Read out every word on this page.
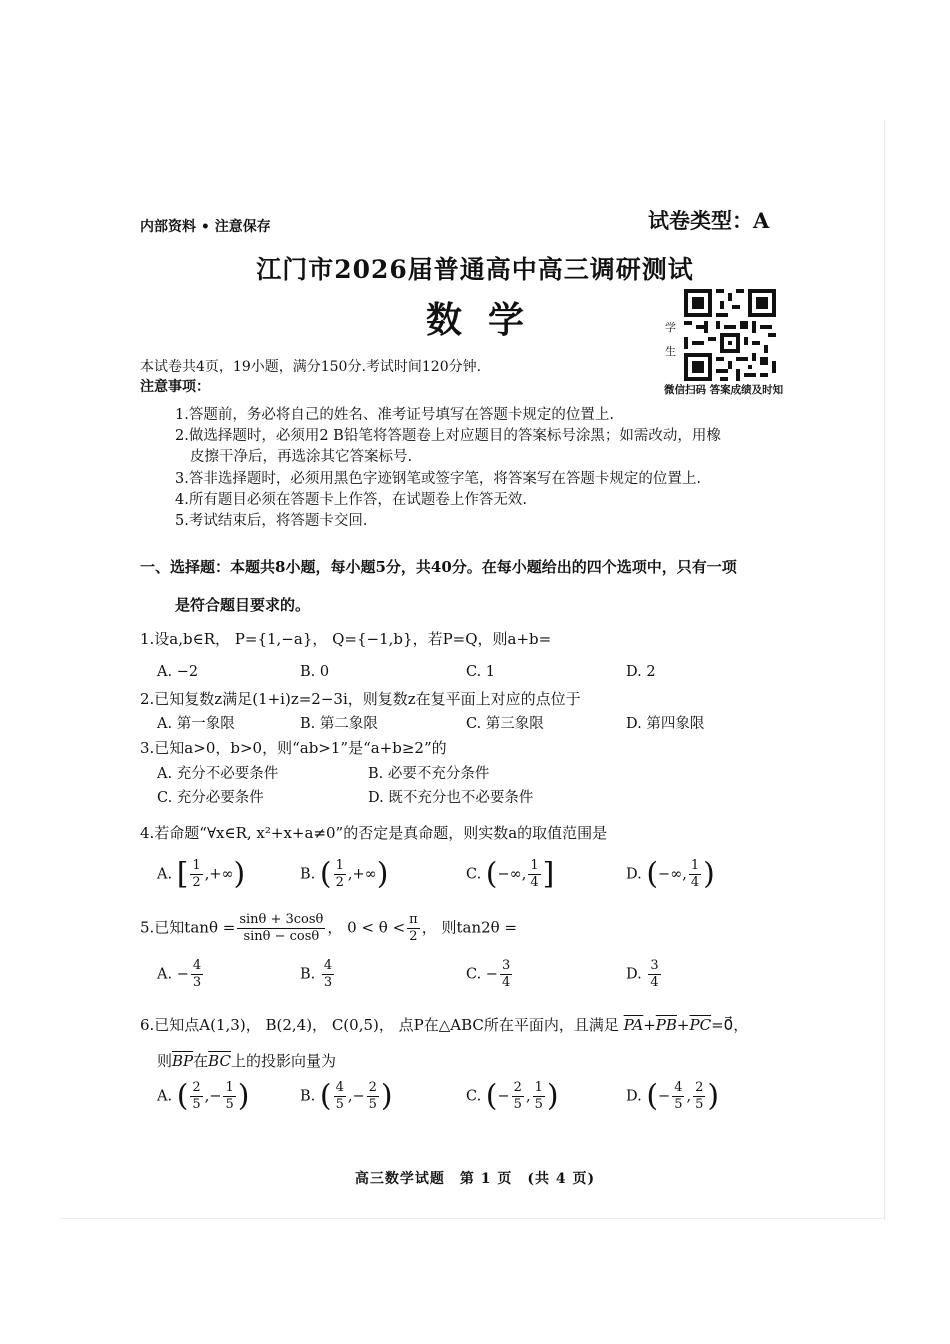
内部资料 • 注意保存	试卷类型：A
江门市2026届普通高中高三调研测试
数学	学生
微信扫码 答案成绩及时知
本试卷共4页，19小题，满分150分.考试时间120分钟.
注意事项：
1.答题前，务必将自己的姓名、准考证号填写在答题卡规定的位置上.
2.做选择题时，必须用2 B铅笔将答题卷上对应题目的答案标号涂黑；如需改动，用橡
皮擦干净后，再选涂其它答案标号.
3.答非选择题时，必须用黑色字迹钢笔或签字笔，将答案写在答题卡规定的位置上.
4.所有题目必须在答题卡上作答，在试题卷上作答无效.
5.考试结束后，将答题卡交回.
一、选择题：本题共8小题，每小题5分，共40分。在每小题给出的四个选项中，只有一项
是符合题目要求的。
1.设a,b∈R， P={1,−a}， Q={−1,b}，若P=Q，则a+b=
A. −2	B. 0	C. 1	D. 2
2.已知复数z满足(1+i)z=2−3i，则复数z在复平面上对应的点位于
A. 第一象限	B. 第二象限	C. 第三象限	D. 第四象限
3.已知a>0，b>0，则“ab>1”是“a+b≥2”的
A. 充分不必要条件	B. 必要不充分条件
C. 充分必要条件	D. 既不充分也不必要条件
4.若命题“∀x∈R, x²+x+a≠0”的否定是真命题，则实数a的取值范围是
A. [ $\frac{1}{2}$ ,+∞)	B. ( $\frac{1}{2}$ ,+∞)	C. (−∞, $\frac{1}{4}$ ]	D. (−∞, $\frac{1}{4}$ )
5.已知$\tan\theta = \frac{\sin\theta + 3\cos\theta}{\sin\theta - \cos\theta}$ ， $0 < \theta < \frac{\pi}{2}$ ， 则tan2θ =
A. − $\frac{4}{3}$	B. $\frac{4}{3}$	C. − $\frac{3}{4}$	D. $\frac{3}{4}$
6.已知点A(1,3)， B(2,4)， C(0,5)， 点P在△ABC所在平面内，且满足 $\overline{PA}+\overline{PB}+\overline{PC}=0⃗$，
则$\overline{BP}$在$\overline{BC}$上的投影向量为
A. ( $\frac{2}{5}$ ,− $\frac{1}{5}$ )	B. ( $\frac{4}{5}$ ,− $\frac{2}{5}$ )	C. (− $\frac{2}{5}$ , $\frac{1}{5}$ )	D. (− $\frac{4}{5}$ , $\frac{2}{5}$ )
高三数学试题　第 1 页　(共 4 页)
